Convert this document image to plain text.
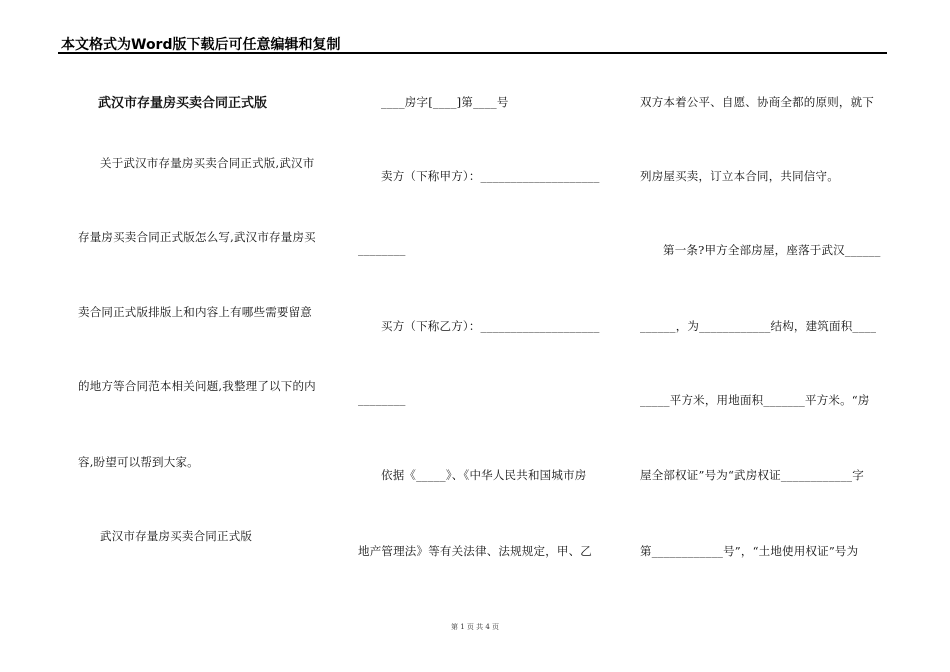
本文格式为Word版下载后可任意编辑和复制
武汉市存量房买卖合同正式版
关于武汉市存量房买卖合同正式版,武汉市
存量房买卖合同正式版怎么写,武汉市存量房买
卖合同正式版排版上和内容上有哪些需要留意
的地方等合同范本相关问题,我整理了以下的内
容,盼望可以帮到大家。
武汉市存量房买卖合同正式版
____房字[____]第____号
卖方（下称甲方）：____________________
________
买方（下称乙方）：____________________
________
依据《_____》、《中华人民共和国城市房
地产管理法》等有关法律、法规规定，甲、乙
双方本着公平、自愿、协商全都的原则，就下
列房屋买卖，订立本合同，共同信守。
第一条?甲方全部房屋，座落于武汉______
______，为____________结构，建筑面积____
_____平方米，用地面积_______平方米。“房
屋全部权证”号为“武房权证____________字
第____________号”，“土地使用权证”号为
第 1 页 共 4 页
